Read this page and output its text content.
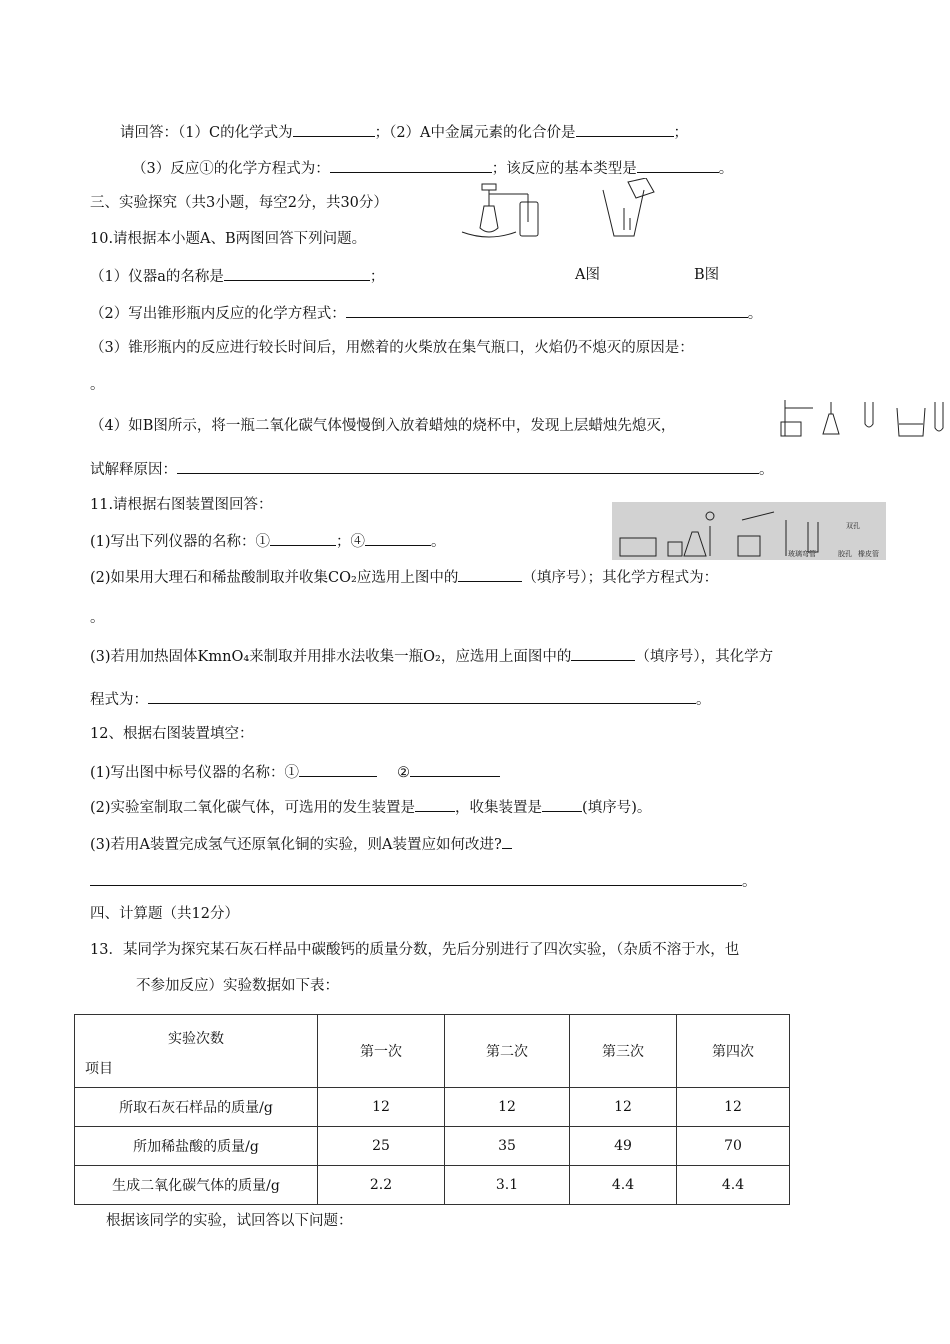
请回答：（1）C的化学式为	；（2）A中金属元素的化合价是	；
（3）反应①的化学方程式为：	；该反应的基本类型是	。
三、实验探究（共3小题，每空2分，共30分）
10.请根据本小题A、B两图回答下列问题。
（1）仪器a的名称是	；	A图	B图
（2）写出锥形瓶内反应的化学方程式：	。
（3）锥形瓶内的反应进行较长时间后，用燃着的火柴放在集气瓶口，火焰仍不熄灭的原因是：
。
（4）如B图所示，将一瓶二氧化碳气体慢慢倒入放着蜡烛的烧杯中，发现上层蜡烛先熄灭，
试解释原因：	。
11.请根据右图装置图回答：
玻璃弯管
双孔
胶孔 橡皮管
(1)写出下列仪器的名称：①	；④	。
(2)如果用大理石和稀盐酸制取并收集CO₂应选用上图中的	（填序号）；其化学方程式为：
。
(3)若用加热固体KmnO₄来制取并用排水法收集一瓶O₂，应选用上面图中的	（填序号），其化学方
程式为：	。
12、根据右图装置填空：
(1)写出图中标号仪器的名称：①	②
(2)实验室制取二氧化碳气体，可选用的发生装置是	，收集装置是	(填序号)。
(3)若用A装置完成氢气还原氧化铜的实验，则A装置应如何改进?
。
四、计算题（共12分）
13．某同学为探究某石灰石样品中碳酸钙的质量分数，先后分别进行了四次实验，（杂质不溶于水，也
不参加反应）实验数据如下表：
实验次数
项目	第一次	第二次	第三次	第四次
所取石灰石样品的质量/g	12	12	12	12
所加稀盐酸的质量/g	25	35	49	70
生成二氧化碳气体的质量/g	2.2	3.1	4.4	4.4
根据该同学的实验，试回答以下问题：
